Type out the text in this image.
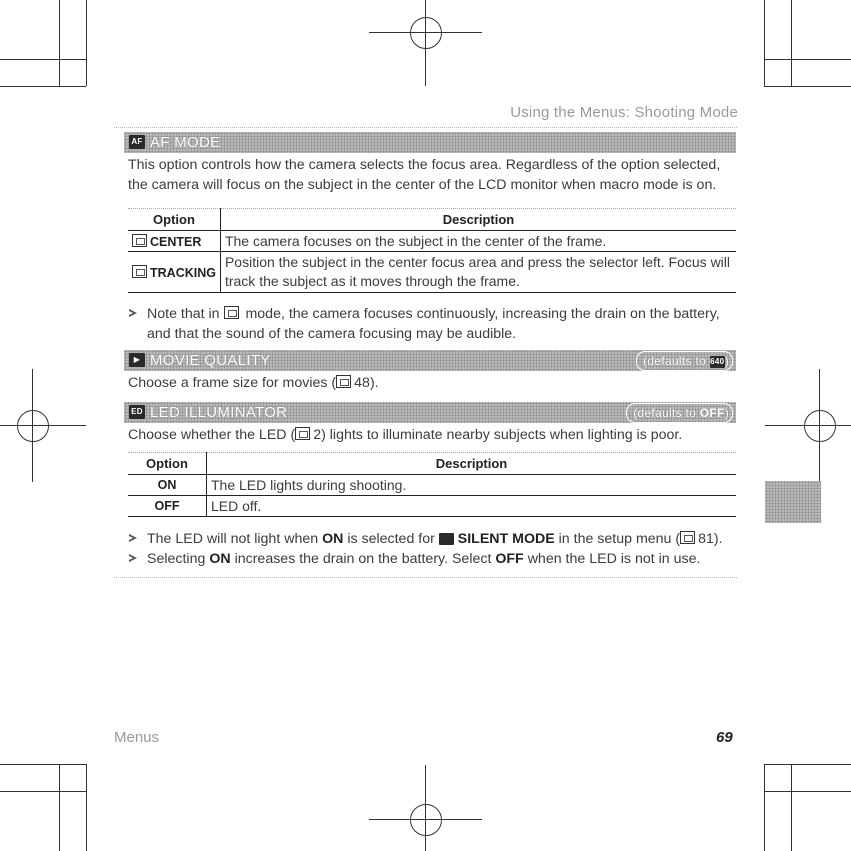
Using the Menus: Shooting Mode
AF AF MODE
This option controls how the camera selects the focus area. Regardless of the option selected, the camera will focus on the subject in the center of the LCD monitor when macro mode is on.
Option	Description
CENTER	The camera focuses on the subject in the center of the frame.
TRACKING	Position the subject in the center focus area and press the selector left. Focus will track the subject as it moves through the frame.
Note that in mode, the camera focuses continuously, increasing the drain on the battery, and that the sound of the camera focusing may be audible.
▶ MOVIE QUALITY	(defaults to 640)
Choose a frame size for movies ( 48).
ED LED ILLUMINATOR	(defaults to OFF)
Choose whether the LED ( 2) lights to illuminate nearby subjects when lighting is poor.
Option	Description
ON	The LED lights during shooting.
OFF	LED off.
The LED will not light when ON is selected for SILENT MODE in the setup menu ( 81).
Selecting ON increases the drain on the battery. Select OFF when the LED is not in use.
Menus	69
